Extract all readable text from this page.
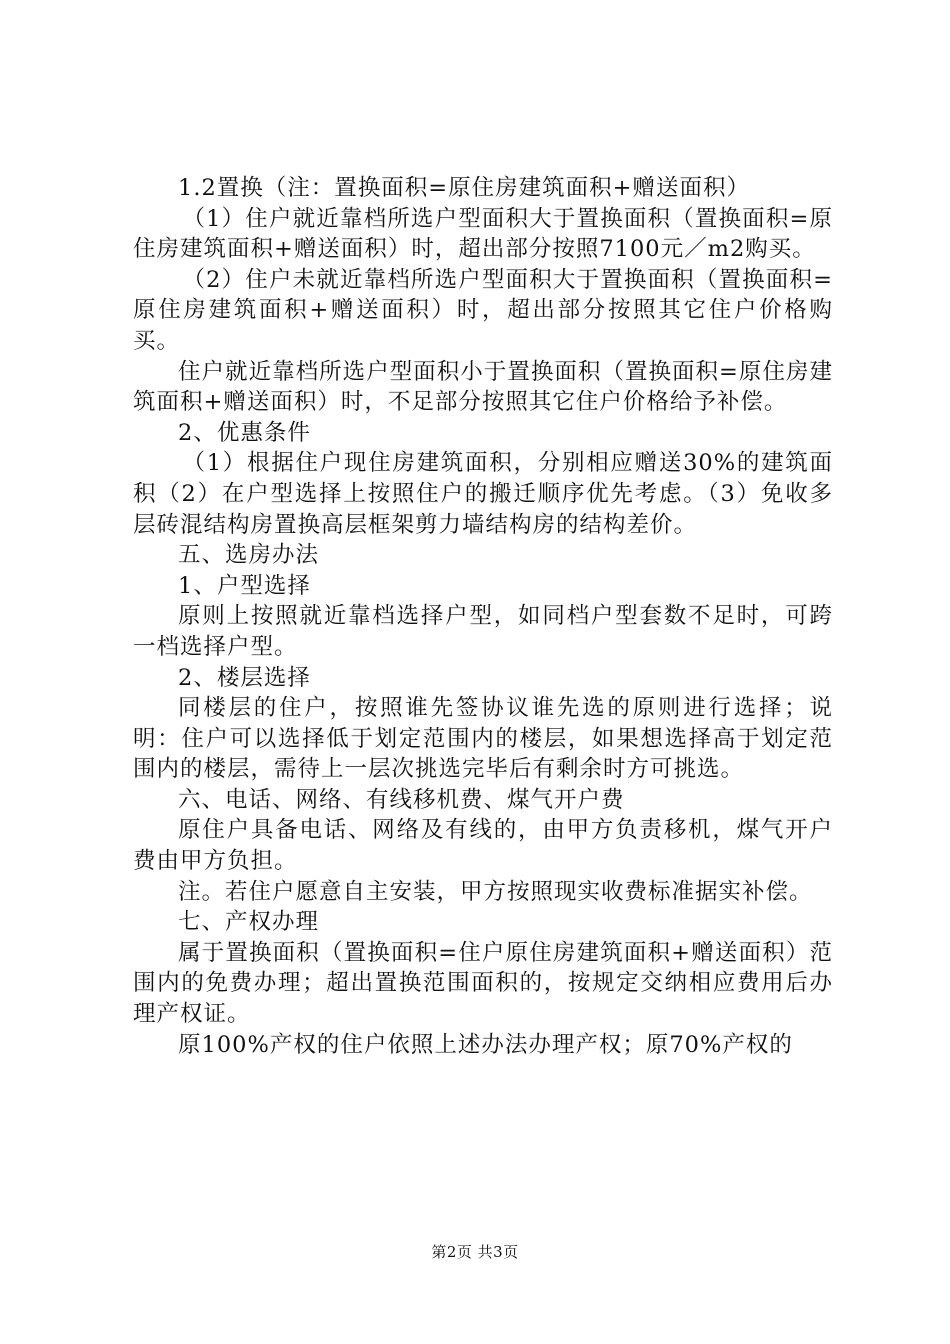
1.2置换（注：置换面积=原住房建筑面积+赠送面积）

（1）住户就近靠档所选户型面积大于置换面积（置换面积=原住房建筑面积+赠送面积）时，超出部分按照7100元／m2购买。

（2）住户未就近靠档所选户型面积大于置换面积（置换面积=原住房建筑面积+赠送面积）时，超出部分按照其它住户价格购买。

住户就近靠档所选户型面积小于置换面积（置换面积=原住房建筑面积+赠送面积）时，不足部分按照其它住户价格给予补偿。

2、优惠条件

（1）根据住户现住房建筑面积，分别相应赠送30%的建筑面积（2）在户型选择上按照住户的搬迁顺序优先考虑。（3）免收多层砖混结构房置换高层框架剪力墙结构房的结构差价。

五、选房办法

1、户型选择

原则上按照就近靠档选择户型，如同档户型套数不足时，可跨一档选择户型。

2、楼层选择

同楼层的住户，按照谁先签协议谁先选的原则进行选择；说明：住户可以选择低于划定范围内的楼层，如果想选择高于划定范围内的楼层，需待上一层次挑选完毕后有剩余时方可挑选。

六、电话、网络、有线移机费、煤气开户费

原住户具备电话、网络及有线的，由甲方负责移机，煤气开户费由甲方负担。

注。若住户愿意自主安装，甲方按照现实收费标准据实补偿。

七、产权办理

属于置换面积（置换面积=住户原住房建筑面积+赠送面积）范围内的免费办理；超出置换范围面积的，按规定交纳相应费用后办理产权证。

原100%产权的住户依照上述办法办理产权；原70%产权的

第2页 共3页
